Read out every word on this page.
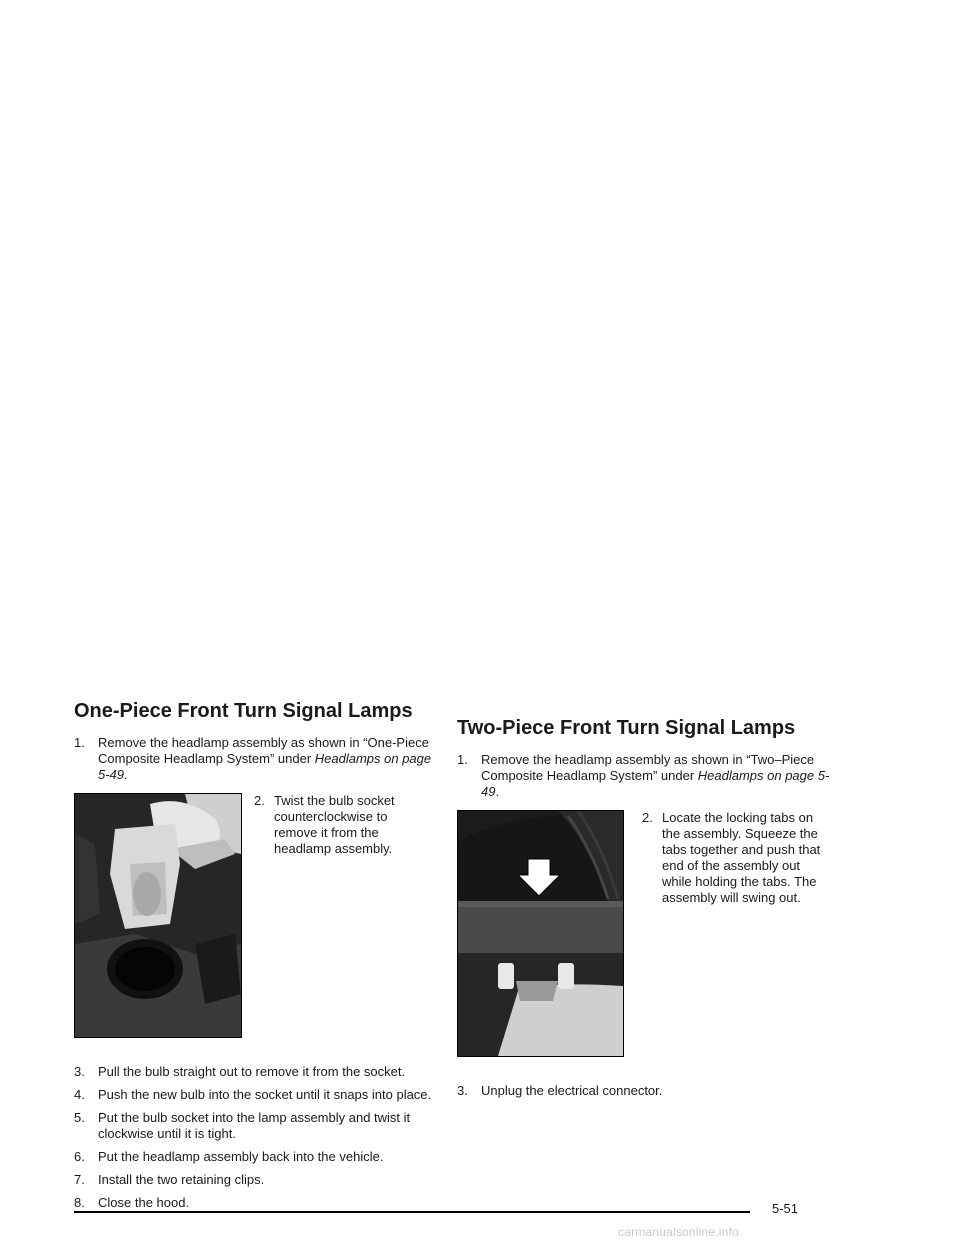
One-Piece Front Turn Signal Lamps
1. Remove the headlamp assembly as shown in “One-Piece Composite Headlamp System” under Headlamps on page 5-49.
2. Twist the bulb socket counterclockwise to remove it from the headlamp assembly.
3. Pull the bulb straight out to remove it from the socket.
4. Push the new bulb into the socket until it snaps into place.
5. Put the bulb socket into the lamp assembly and twist it clockwise until it is tight.
6. Put the headlamp assembly back into the vehicle.
7. Install the two retaining clips.
8. Close the hood.
Two-Piece Front Turn Signal Lamps
1. Remove the headlamp assembly as shown in “Two–Piece Composite Headlamp System” under Headlamps on page 5-49.
2. Locate the locking tabs on the assembly. Squeeze the tabs together and push that end of the assembly out while holding the tabs. The assembly will swing out.
3. Unplug the electrical connector.
5-51
carmanualsonline.info
